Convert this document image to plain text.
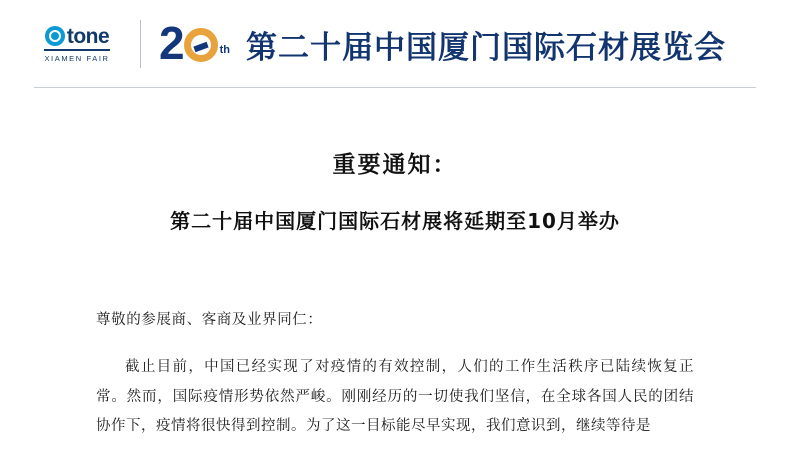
tone
XIAMEN FAIR 2	th 第二十届中国厦门国际石材展览会
重要通知：
第二十届中国厦门国际石材展将延期至10月举办
尊敬的参展商、客商及业界同仁：

截止目前，中国已经实现了对疫情的有效控制，人们的工作生活秩序已陆续恢复正常。然而，国际疫情形势依然严峻。刚刚经历的一切使我们坚信，在全球各国人民的团结协作下，疫情将很快得到控制。为了这一目标能尽早实现，我们意识到，继续等待是
